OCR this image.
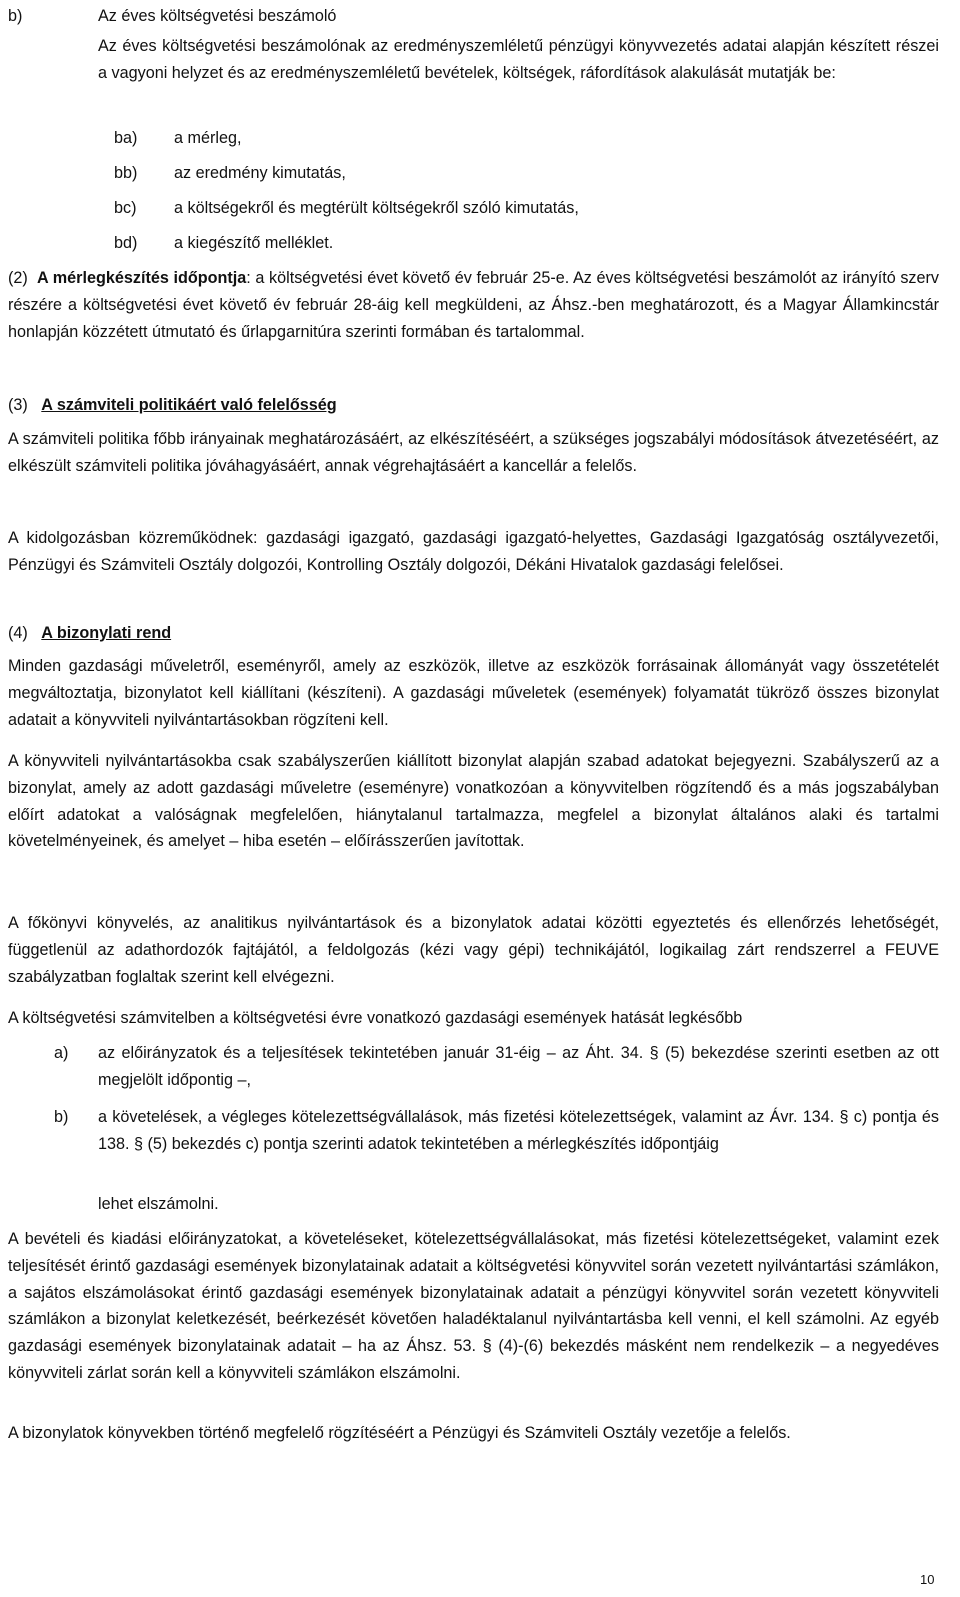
b)	Az éves költségvetési beszámoló
Az éves költségvetési beszámolónak az eredményszemléletű pénzügyi könyvvezetés adatai alapján készített részei a vagyoni helyzet és az eredményszemléletű bevételek, költségek, ráfordítások alakulását mutatják be:
ba) a mérleg,
bb) az eredmény kimutatás,
bc) a költségekről és megtérült költségekről szóló kimutatás,
bd) a kiegészítő melléklet.
(2) A mérlegkészítés időpontja: a költségvetési évet követő év február 25-e. Az éves költségvetési beszámolót az irányító szerv részére a költségvetési évet követő év február 28-áig kell megküldeni, az Áhsz.-ben meghatározott, és a Magyar Államkincstár honlapján közzétett útmutató és űrlapgarnitúra szerinti formában és tartalommal.
(3) A számviteli politikáért való felelősség
A számviteli politika főbb irányainak meghatározásáért, az elkészítéséért, a szükséges jogszabályi módosítások átvezetéséért, az elkészült számviteli politika jóváhagyásáért, annak végrehajtásáért a kancellár a felelős.
A kidolgozásban közreműködnek: gazdasági igazgató, gazdasági igazgató-helyettes, Gazdasági Igazgatóság osztályvezetői, Pénzügyi és Számviteli Osztály dolgozói, Kontrolling Osztály dolgozói, Dékáni Hivatalok gazdasági felelősei.
(4) A bizonylati rend
Minden gazdasági műveletről, eseményről, amely az eszközök, illetve az eszközök forrásainak állományát vagy összetételét megváltoztatja, bizonylatot kell kiállítani (készíteni). A gazdasági műveletek (események) folyamatát tükröző összes bizonylat adatait a könyvviteli nyilvántartásokban rögzíteni kell.
A könyvviteli nyilvántartásokba csak szabályszerűen kiállított bizonylat alapján szabad adatokat bejegyezni. Szabályszerű az a bizonylat, amely az adott gazdasági műveletre (eseményre) vonatkozóan a könyvvitelben rögzítendő és a más jogszabályban előírt adatokat a valóságnak megfelelően, hiánytalanul tartalmazza, megfelel a bizonylat általános alaki és tartalmi követelményeinek, és amelyet – hiba esetén – előírásszerűen javítottak.
A főkönyvi könyvelés, az analitikus nyilvántartások és a bizonylatok adatai közötti egyeztetés és ellenőrzés lehetőségét, függetlenül az adathordozók fajtájától, a feldolgozás (kézi vagy gépi) technikájától, logikailag zárt rendszerrel a FEUVE szabályzatban foglaltak szerint kell elvégezni.
A költségvetési számvitelben a költségvetési évre vonatkozó gazdasági események hatását legkésőbb
a) az előirányzatok és a teljesítések tekintetében január 31-éig – az Áht. 34. § (5) bekezdése szerinti esetben az ott megjelölt időpontig –,
b) a követelések, a végleges kötelezettségvállalások, más fizetési kötelezettségek, valamint az Ávr. 134. § c) pontja és 138. § (5) bekezdés c) pontja szerinti adatok tekintetében a mérlegkészítés időpontjáig
lehet elszámolni.
A bevételi és kiadási előirányzatokat, a követeléseket, kötelezettségvállalásokat, más fizetési kötelezettségeket, valamint ezek teljesítését érintő gazdasági események bizonylatainak adatait a költségvetési könyvvitel során vezetett nyilvántartási számlákon, a sajátos elszámolásokat érintő gazdasági események bizonylatainak adatait a pénzügyi könyvvitel során vezetett könyvviteli számlákon a bizonylat keletkezését, beérkezését követően haladéktalanul nyilvántartásba kell venni, el kell számolni. Az egyéb gazdasági események bizonylatainak adatait – ha az Áhsz. 53. § (4)-(6) bekezdés másként nem rendelkezik – a negyedéves könyvviteli zárlat során kell a könyvviteli számlákon elszámolni.
A bizonylatok könyvekben történő megfelelő rögzítéséért a Pénzügyi és Számviteli Osztály vezetője a felelős.
10
